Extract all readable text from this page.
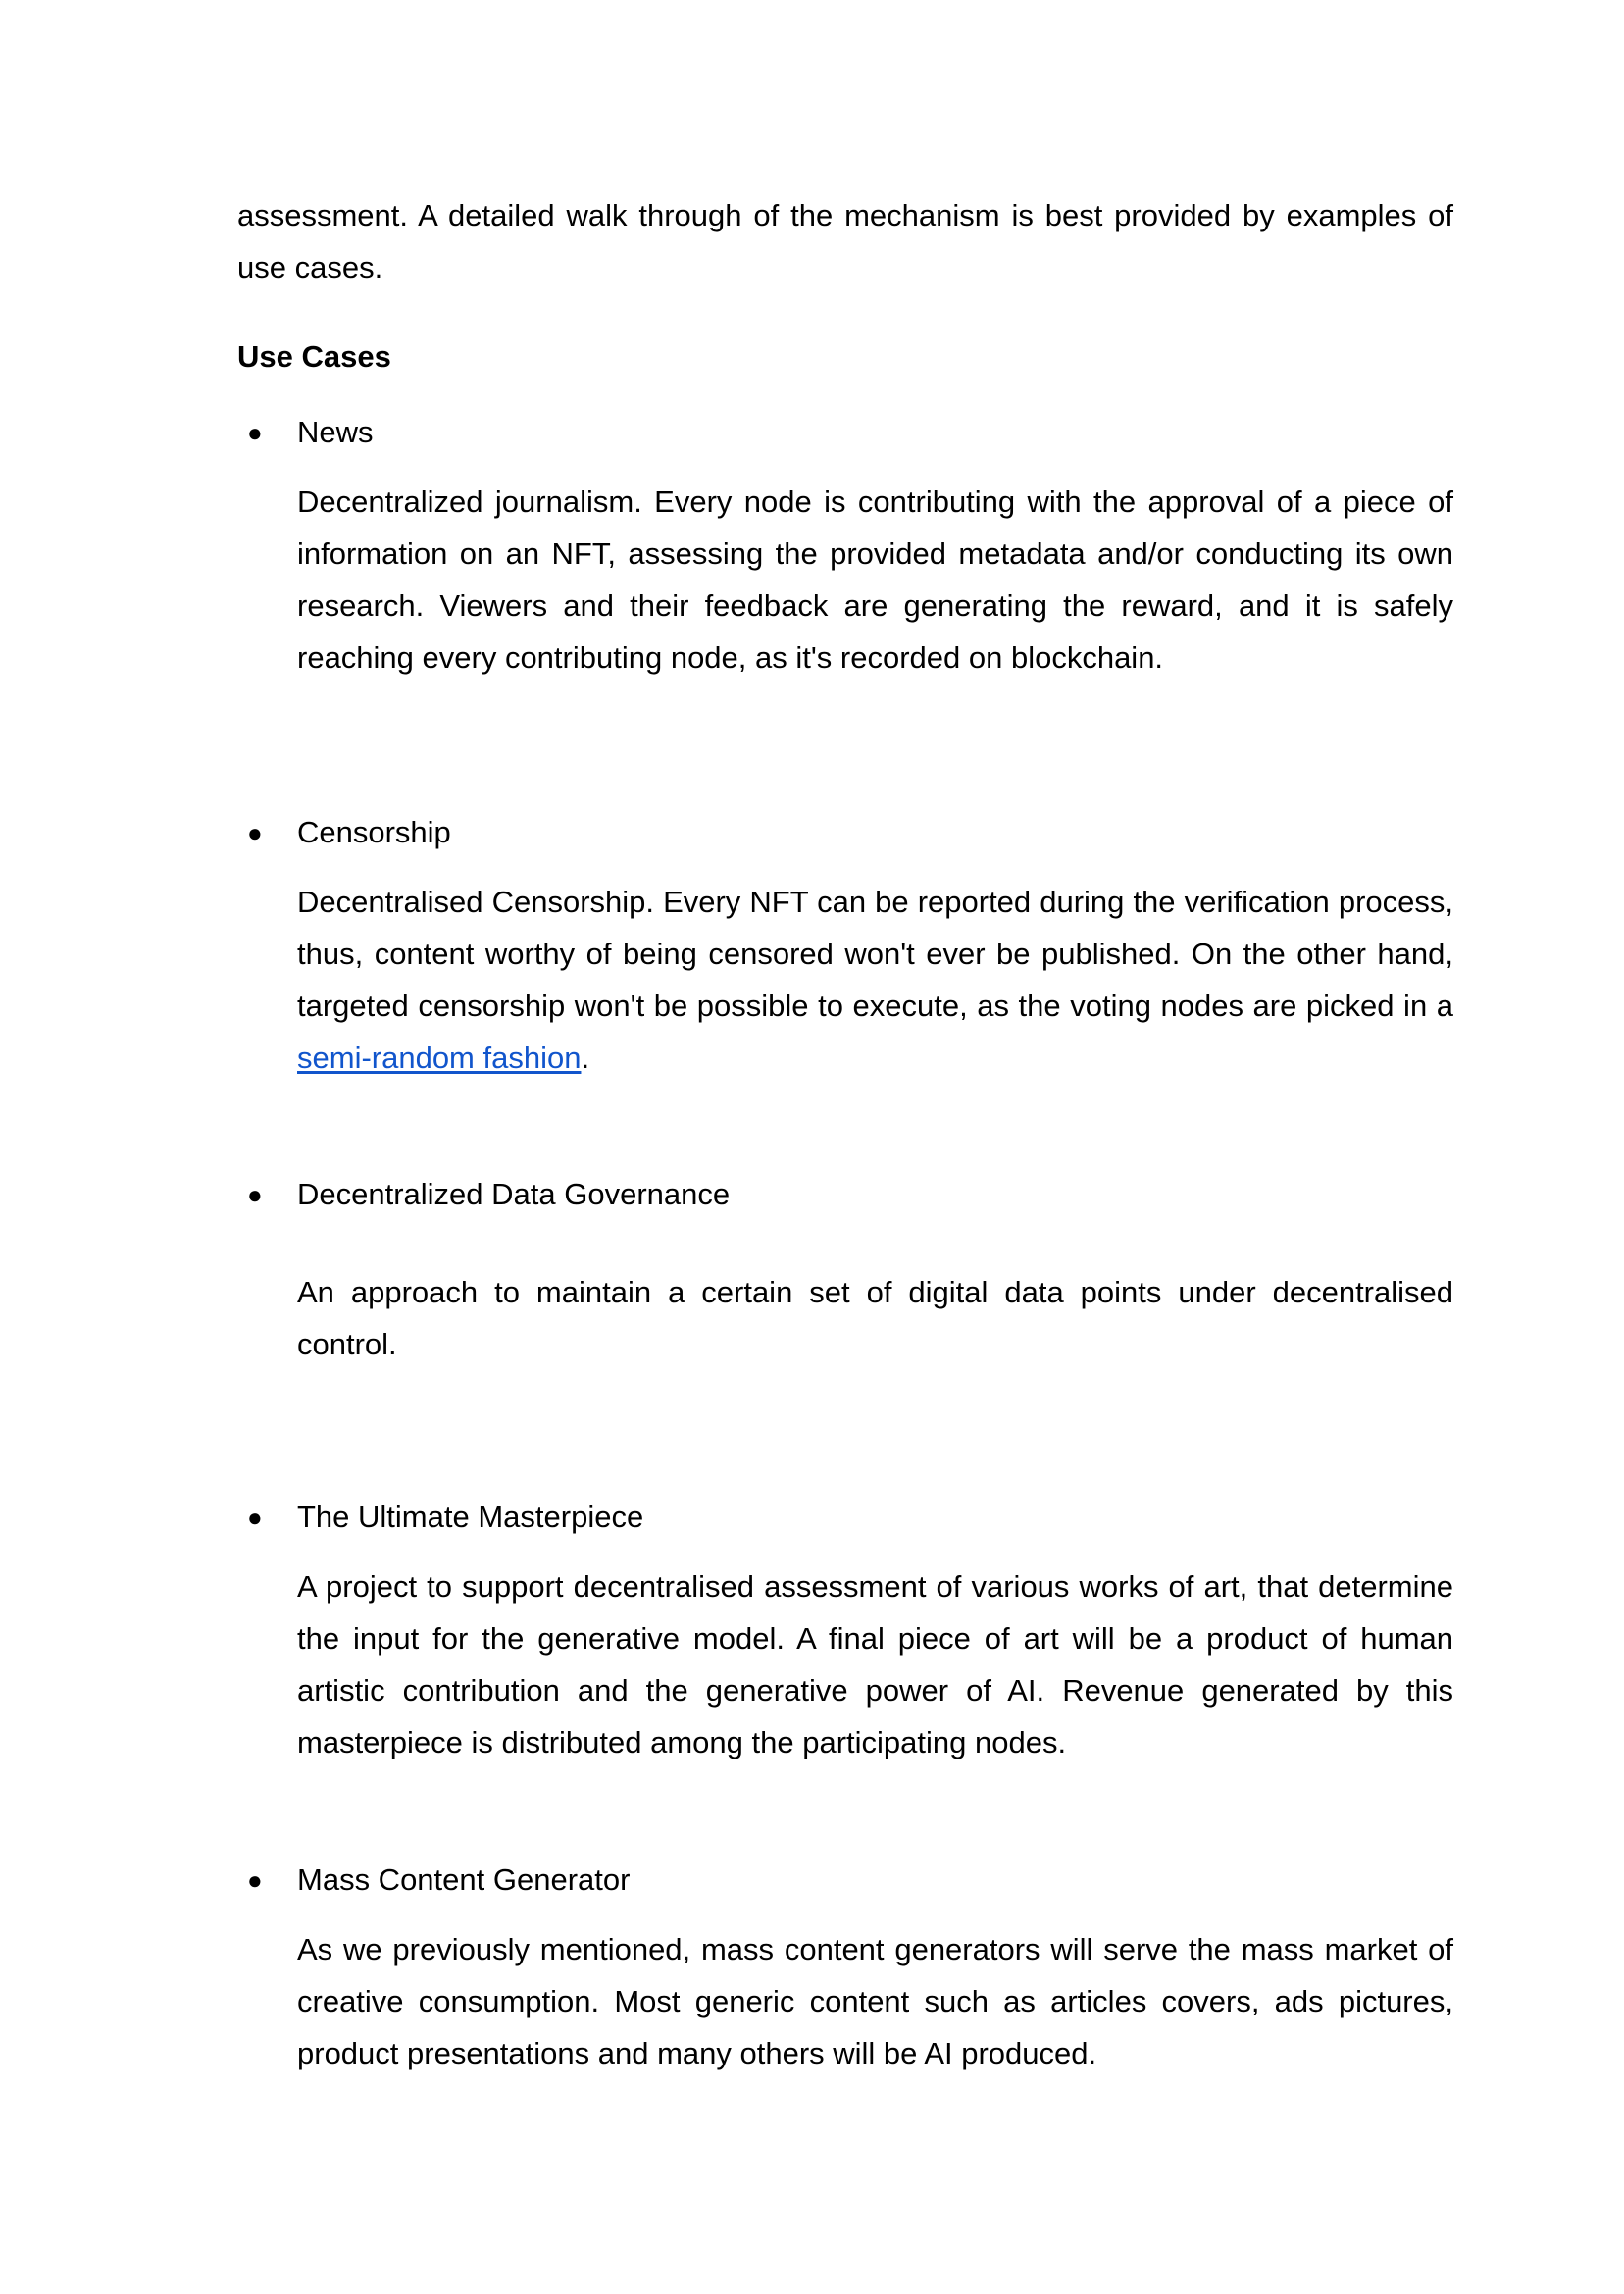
assessment. A detailed walk through of the mechanism is best provided by examples of use cases.

Use Cases
● News

Decentralized journalism. Every node is contributing with the approval of a piece of information on an NFT, assessing the provided metadata and/or conducting its own research. Viewers and their feedback are generating the reward, and it is safely reaching every contributing node, as it's recorded on blockchain.

● Censorship

Decentralised Censorship. Every NFT can be reported during the verification process, thus, content worthy of being censored won't ever be published. On the other hand, targeted censorship won't be possible to execute, as the voting nodes are picked in a semi-random fashion.

● Decentralized Data Governance

An approach to maintain a certain set of digital data points under decentralised control.

● The Ultimate Masterpiece

A project to support decentralised assessment of various works of art, that determine the input for the generative model. A final piece of art will be a product of human artistic contribution and the generative power of AI. Revenue generated by this masterpiece is distributed among the participating nodes.

● Mass Content Generator

As we previously mentioned, mass content generators will serve the mass market of creative consumption. Most generic content such as articles covers, ads pictures, product presentations and many others will be AI produced.
